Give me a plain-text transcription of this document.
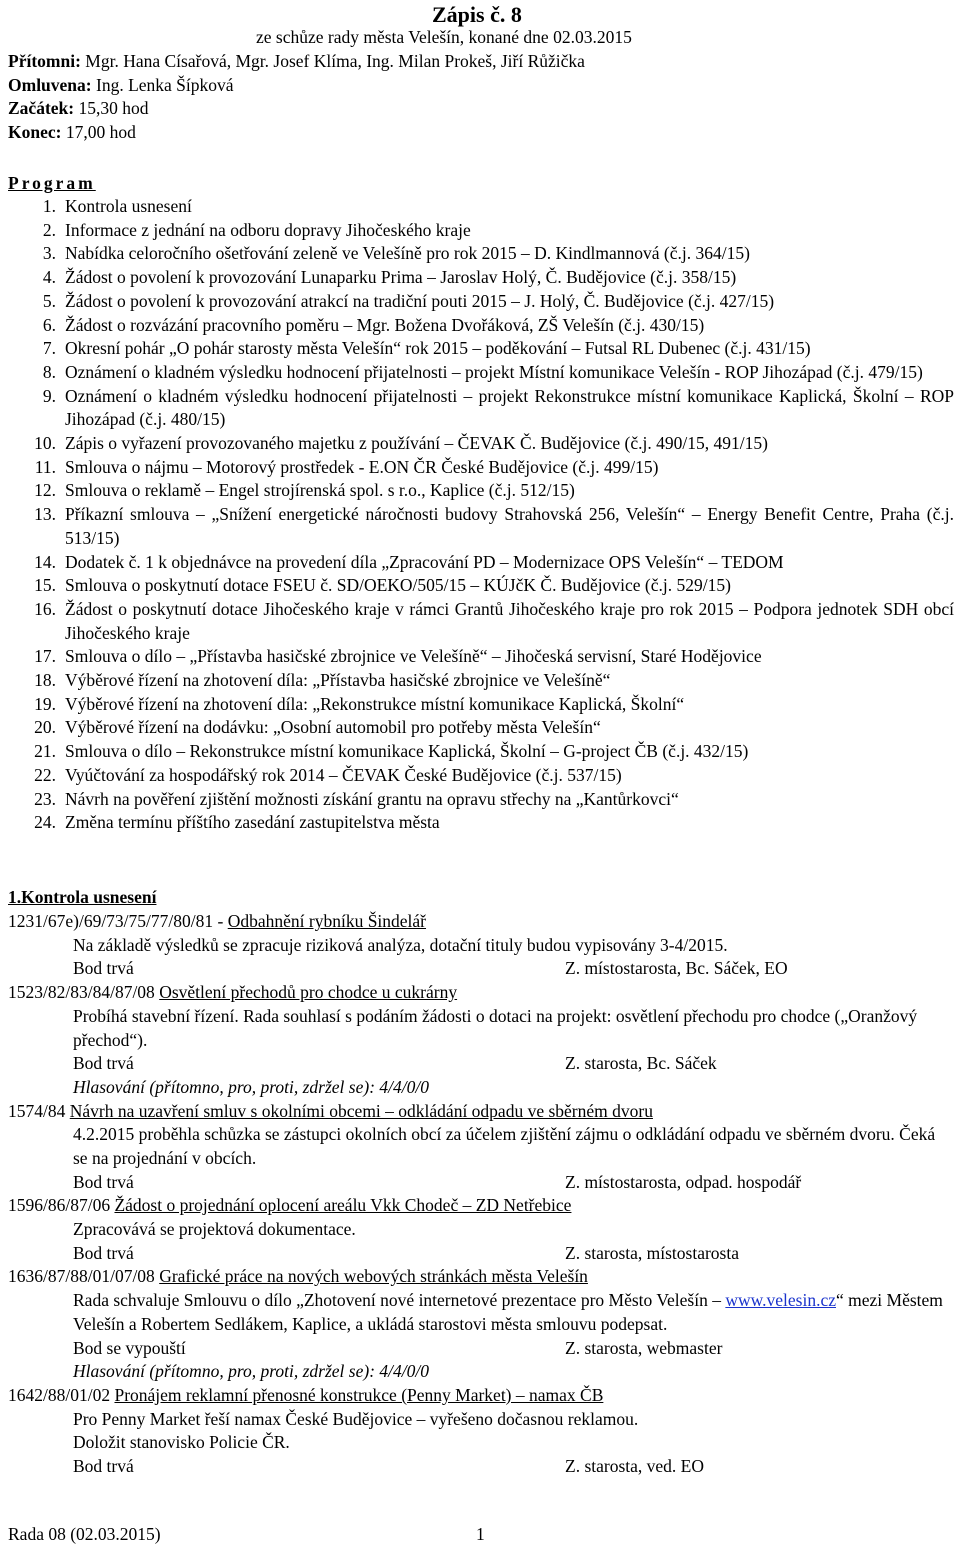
Zápis č. 8
ze schůze rady města Velešín, konané dne 02.03.2015
Přítomni: Mgr. Hana Císařová, Mgr. Josef Klíma, Ing. Milan Prokeš, Jiří Růžička
Omluvena: Ing. Lenka Šípková
Začátek: 15,30 hod
Konec: 17,00 hod
Program
1. Kontrola usnesení
2. Informace z jednání na odboru dopravy Jihočeského kraje
3. Nabídka celoročního ošetřování zeleně ve Velešíně pro rok 2015 – D. Kindlmannová (č.j. 364/15)
4. Žádost o povolení k provozování Lunaparku Prima – Jaroslav Holý, Č. Budějovice (č.j. 358/15)
5. Žádost o povolení k provozování atrakcí na tradiční pouti 2015 – J. Holý, Č. Budějovice (č.j. 427/15)
6. Žádost o rozvázání pracovního poměru – Mgr. Božena Dvořáková, ZŠ Velešín (č.j. 430/15)
7. Okresní pohár „O pohár starosty města Velešín“ rok 2015 – poděkování – Futsal RL Dubenec (č.j. 431/15)
8. Oznámení o kladném výsledku hodnocení přijatelnosti – projekt Místní komunikace Velešín - ROP Jihozápad (č.j. 479/15)
9. Oznámení o kladném výsledku hodnocení přijatelnosti – projekt Rekonstrukce místní komunikace Kaplická, Školní – ROP Jihozápad (č.j. 480/15)
10. Zápis o vyřazení provozovaného majetku z používání – ČEVAK Č. Budějovice (č.j. 490/15, 491/15)
11. Smlouva o nájmu – Motorový prostředek - E.ON ČR České Budějovice (č.j. 499/15)
12. Smlouva o reklamě – Engel strojírenská spol. s r.o., Kaplice (č.j. 512/15)
13. Příkazní smlouva – „Snížení energetické náročnosti budovy Strahovská 256, Velešín“ – Energy Benefit Centre, Praha (č.j. 513/15)
14. Dodatek č. 1 k objednávce na provedení díla „Zpracování PD – Modernizace OPS Velešín“ – TEDOM
15. Smlouva o poskytnutí dotace FSEU č. SD/OEKO/505/15 – KÚJčK Č. Budějovice (č.j. 529/15)
16. Žádost o poskytnutí dotace Jihočeského kraje v rámci Grantů Jihočeského kraje pro rok 2015 – Podpora jednotek SDH obcí Jihočeského kraje
17. Smlouva o dílo – „Přístavba hasičské zbrojnice ve Velešíně“ – Jihočeská servisní, Staré Hodějovice
18. Výběrové řízení na zhotovení díla: „Přístavba hasičské zbrojnice ve Velešíně“
19. Výběrové řízení na zhotovení díla: „Rekonstrukce místní komunikace Kaplická, Školní“
20. Výběrové řízení na dodávku: „Osobní automobil pro potřeby města Velešín“
21. Smlouva o dílo – Rekonstrukce místní komunikace Kaplická, Školní – G-project ČB (č.j. 432/15)
22. Vyúčtování za hospodářský rok 2014 – ČEVAK České Budějovice (č.j. 537/15)
23. Návrh na pověření zjištění možnosti získání grantu na opravu střechy na „Kantůrkovci“
24. Změna termínu příštího zasedání zastupitelstva města
1.Kontrola usnesení
1231/67e)/69/73/75/77/80/81 - Odbahnění rybníku Šindelář
Na základě výsledků se zpracuje riziková analýza, dotační tituly budou vypisovány 3-4/2015.
Bod trvá	Z. místostarosta, Bc. Sáček, EO
1523/82/83/84/87/08 Osvětlení přechodů pro chodce u cukrárny
Probíhá stavební řízení. Rada souhlasí s podáním žádosti o dotaci na projekt: osvětlení přechodu pro chodce („Oranžový přechod“).
Bod trvá	Z. starosta, Bc. Sáček
Hlasování (přítomno, pro, proti, zdržel se): 4/4/0/0
1574/84 Návrh na uzavření smluv s okolními obcemi – odkládání odpadu ve sběrném dvoru
4.2.2015 proběhla schůzka se zástupci okolních obcí za účelem zjištění zájmu o odkládání odpadu ve sběrném dvoru. Čeká se na projednání v obcích.
Bod trvá	Z. místostarosta, odpad. hospodář
1596/86/87/06 Žádost o projednání oplocení areálu Vkk Chodeč – ZD Netřebice
Zpracovává se projektová dokumentace.
Bod trvá	Z. starosta, místostarosta
1636/87/88/01/07/08 Grafické práce na nových webových stránkách města Velešín
Rada schvaluje Smlouvu o dílo „Zhotovení nové internetové prezentace pro Město Velešín – www.velesin.cz“ mezi Městem Velešín a Robertem Sedlákem, Kaplice, a ukládá starostovi města smlouvu podepsat.
Bod se vypouští	Z. starosta, webmaster
Hlasování (přítomno, pro, proti, zdržel se): 4/4/0/0
1642/88/01/02 Pronájem reklamní přenosné konstrukce (Penny Market) – namax ČB
Pro Penny Market řeší namax České Budějovice – vyřešeno dočasnou reklamou.
Doložit stanovisko Policie ČR.
Bod trvá	Z. starosta, ved. EO
Rada 08 (02.03.2015)	1
